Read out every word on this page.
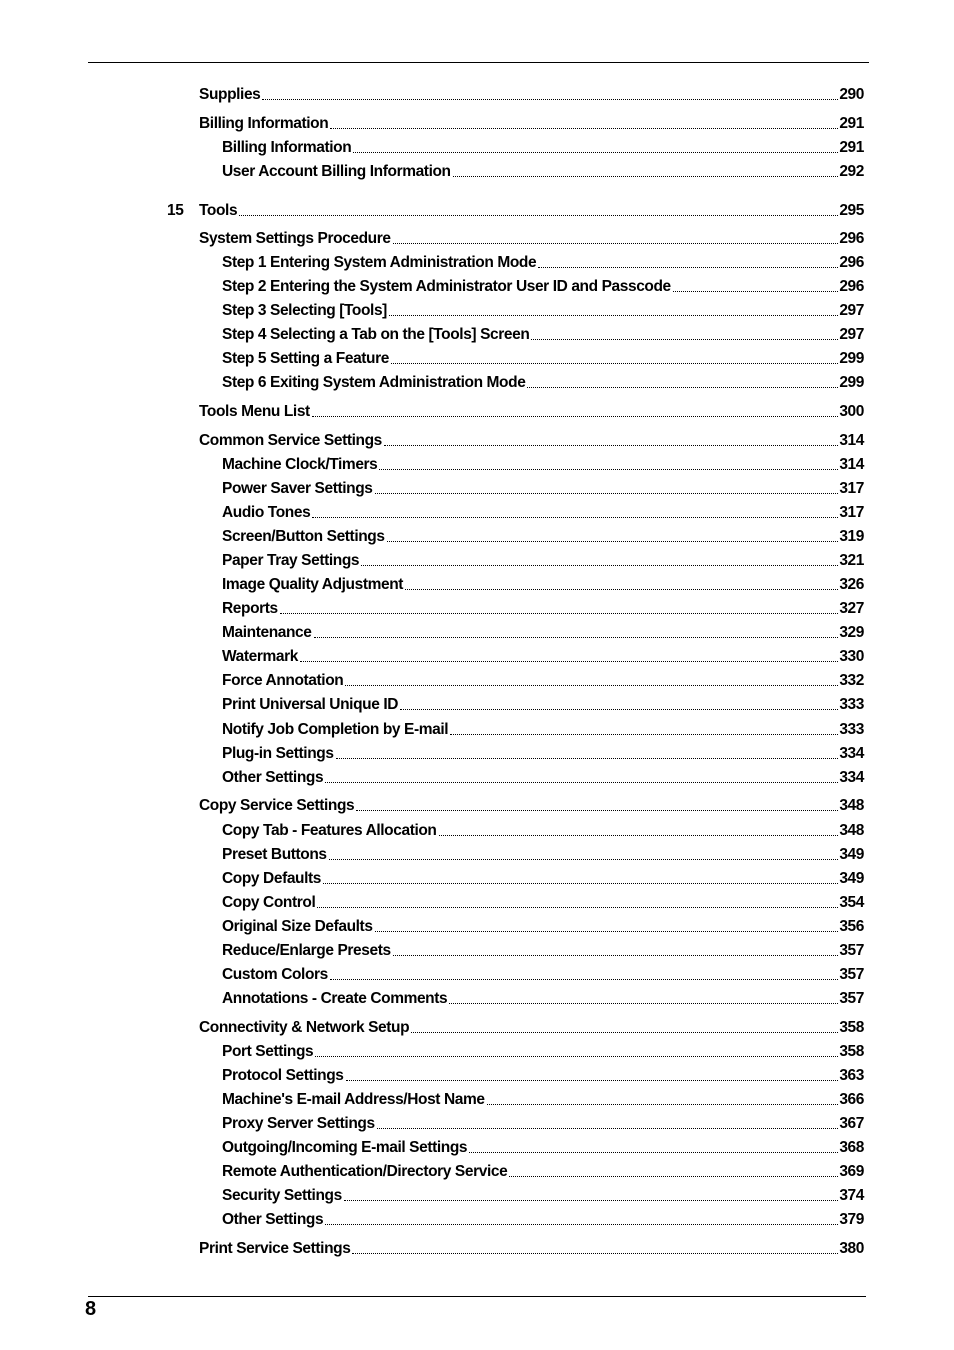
Supplies	290
Billing Information	291
Billing Information	291
User Account Billing Information	292
15 Tools	295
System Settings Procedure	296
Step 1 Entering System Administration Mode	296
Step 2 Entering the System Administrator User ID and Passcode	296
Step 3 Selecting [Tools]	297
Step 4 Selecting a Tab on the [Tools] Screen	297
Step 5 Setting a Feature	299
Step 6 Exiting System Administration Mode	299
Tools Menu List	300
Common Service Settings	314
Machine Clock/Timers	314
Power Saver Settings	317
Audio Tones	317
Screen/Button Settings	319
Paper Tray Settings	321
Image Quality Adjustment	326
Reports	327
Maintenance	329
Watermark	330
Force Annotation	332
Print Universal Unique ID	333
Notify Job Completion by E-mail	333
Plug-in Settings	334
Other Settings	334
Copy Service Settings	348
Copy Tab - Features Allocation	348
Preset Buttons	349
Copy Defaults	349
Copy Control	354
Original Size Defaults	356
Reduce/Enlarge Presets	357
Custom Colors	357
Annotations - Create Comments	357
Connectivity & Network Setup	358
Port Settings	358
Protocol Settings	363
Machine's E-mail Address/Host Name	366
Proxy Server Settings	367
Outgoing/Incoming E-mail Settings	368
Remote Authentication/Directory Service	369
Security Settings	374
Other Settings	379
Print Service Settings	380
8
